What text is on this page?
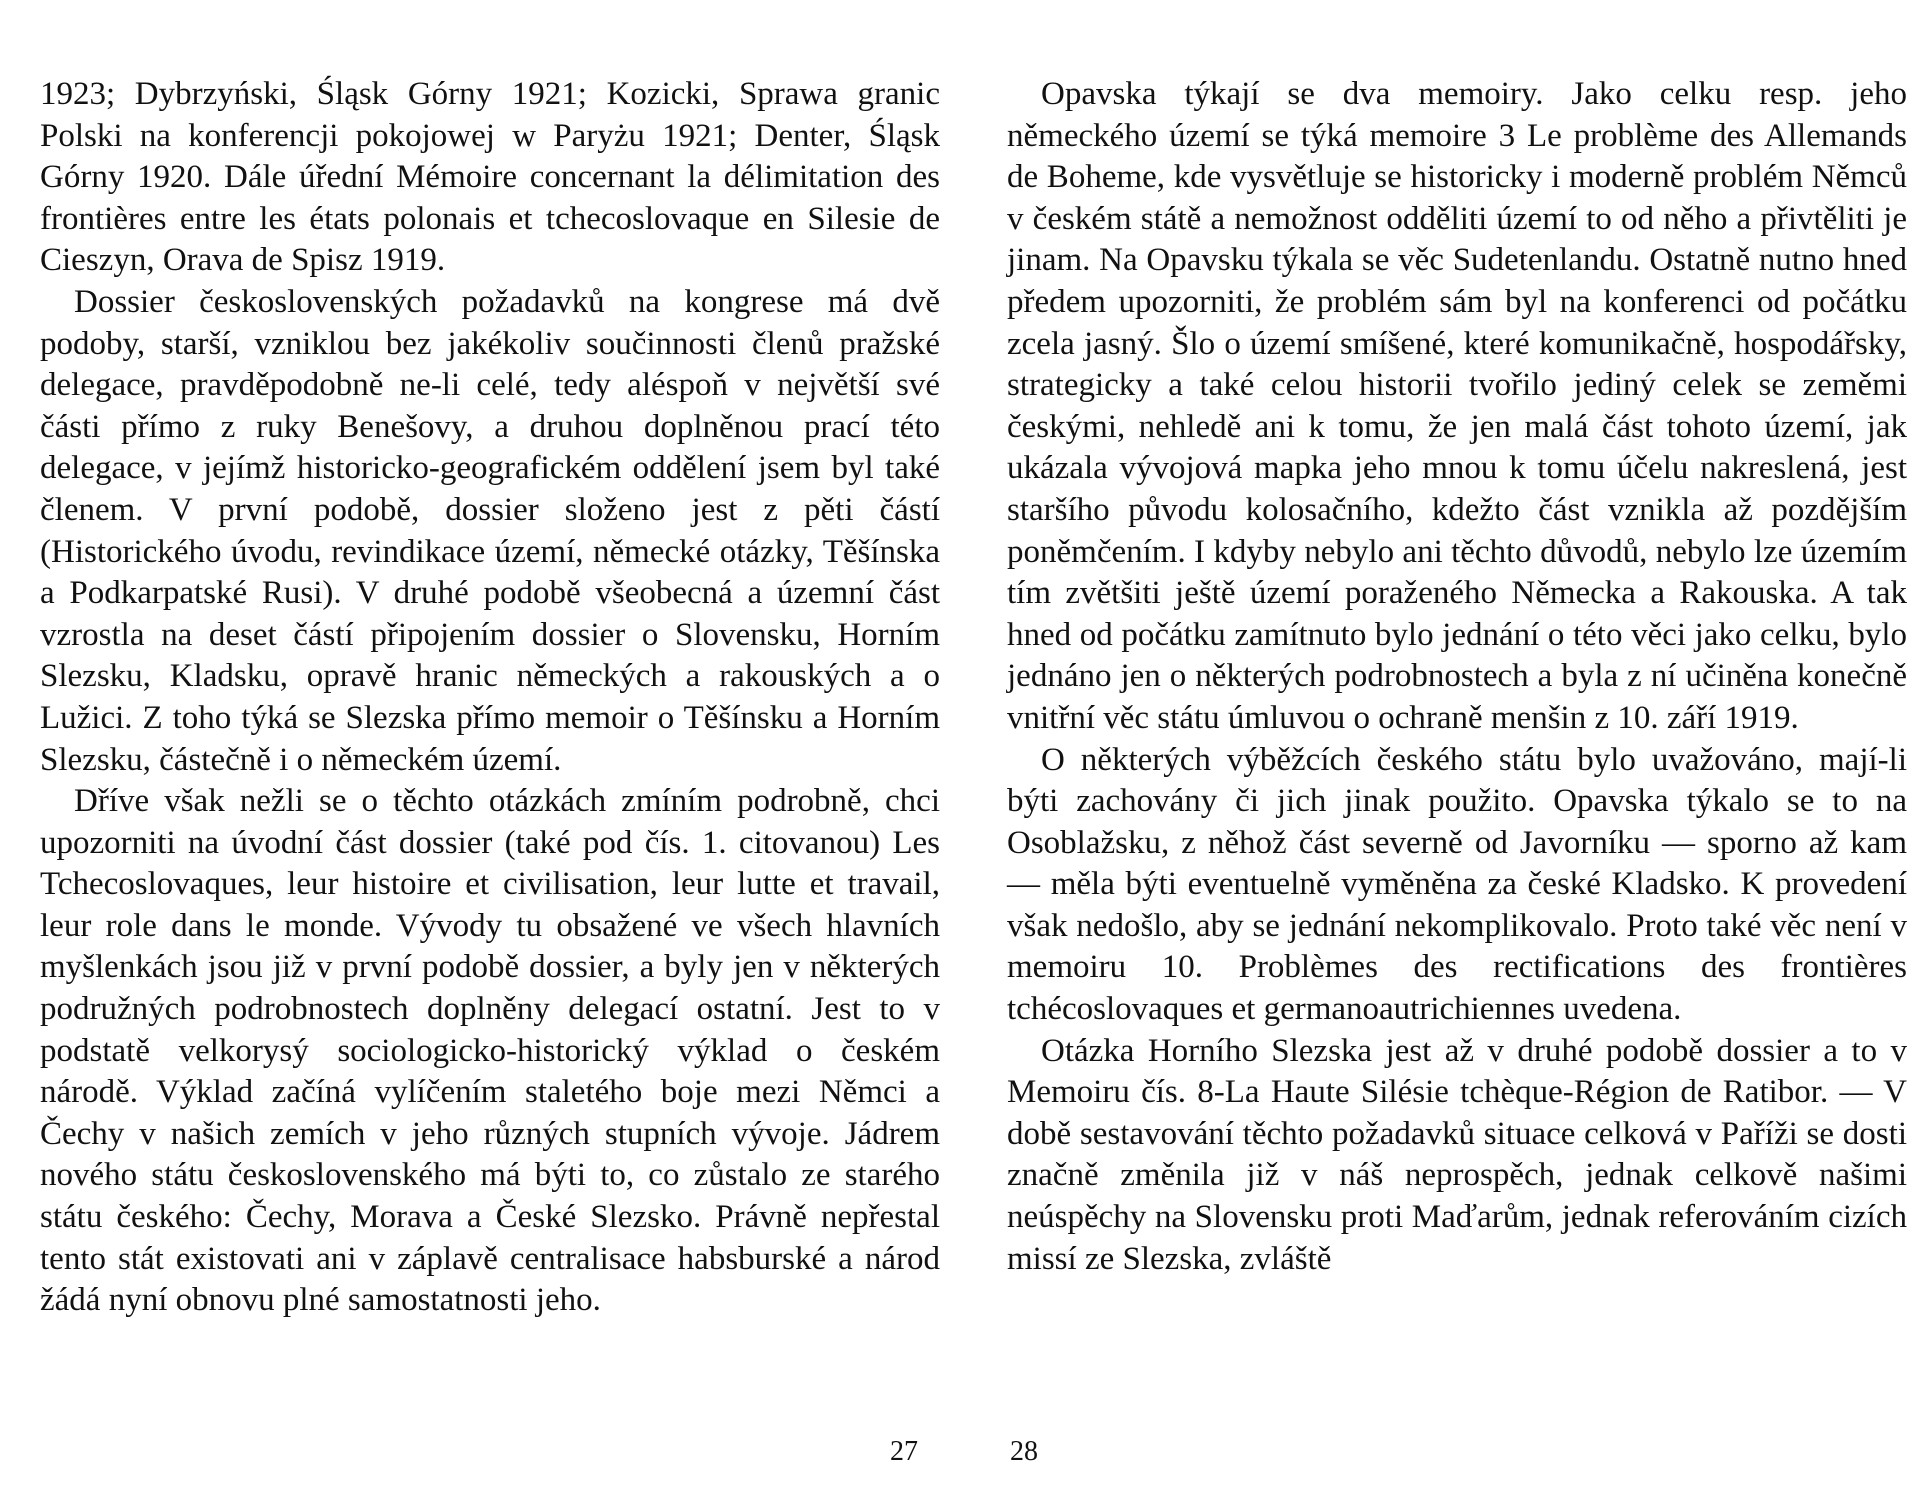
1923; Dybrzyński, Śląsk Górny 1921; Kozicki, Sprawa granic Polski na konferencji pokojowej w Paryżu 1921; Denter, Śląsk Górny 1920. Dále úřední Mémoire concernant la délimitation des frontières entre les états polonais et tchecoslovaque en Silesie de Cieszyn, Orava de Spisz 1919.

Dossier československých požadavků na kongrese má dvě podoby, starší, vzniklou bez jakékoliv součinnosti členů pražské delegace, pravděpodobně ne-li celé, tedy aléspoň v největší své části přímo z ruky Benešovy, a druhou doplněnou prací této delegace, v jejímž historicko-geografickém oddělení jsem byl také členem. V první podobě, dossier složeno jest z pěti částí (Historického úvodu, revindikace území, německé otázky, Těšínska a Podkarpatské Rusi). V druhé podobě všeobecná a územní část vzrostla na deset částí připojením dossier o Slovensku, Horním Slezsku, Kladsku, opravě hranic německých a rakouských a o Lužici. Z toho týká se Slezska přímo memoir o Těšínsku a Horním Slezsku, částečně i o německém území.

Dříve však nežli se o těchto otázkách zmíním podrobně, chci upozorniti na úvodní část dossier (také pod čís. 1. citovanou) Les Tchecoslovaques, leur histoire et civilisation, leur lutte et travail, leur role dans le monde. Vývody tu obsažené ve všech hlavních myšlenkách jsou již v první podobě dossier, a byly jen v některých podružných podrobnostech doplněny delegací ostatní. Jest to v podstatě velkorysý sociologicko-historický výklad o českém národě. Výklad začíná vylíčením staletého boje mezi Němci a Čechy v našich zemích v jeho různých stupních vývoje. Jádrem nového státu československého má býti to, co zůstalo ze starého státu českého: Čechy, Morava a České Slezsko. Právně nepřestal tento stát existovati ani v záplavě centralisace habsburské a národ žádá nyní obnovu plné samostatnosti jeho.

Opavska týkají se dva memoiry. Jako celku resp. jeho německého území se týká memoire 3 Le problème des Allemands de Boheme, kde vysvětluje se historicky i moderně problém Němců v českém státě a nemožnost odděliti území to od něho a přivtěliti je jinam. Na Opavsku týkala se věc Sudetenlandu. Ostatně nutno hned předem upozorniti, že problém sám byl na konferenci od počátku zcela jasný. Šlo o území smíšené, které komunikačně, hospodářsky, strategicky a také celou historii tvořilo jediný celek se zeměmi českými, nehledě ani k tomu, že jen malá část tohoto území, jak ukázala vývojová mapka jeho mnou k tomu účelu nakreslená, jest staršího původu kolosačního, kdežto část vznikla až pozdějším poněmčením. I kdyby nebylo ani těchto důvodů, nebylo lze územím tím zvětšiti ještě území poraženého Německa a Rakouska. A tak hned od počátku zamítnuto bylo jednání o této věci jako celku, bylo jednáno jen o některých podrobnostech a byla z ní učiněna konečně vnitřní věc státu úmluvou o ochraně menšin z 10. září 1919.

O některých výběžcích českého státu bylo uvažováno, mají-li býti zachovány či jich jinak použito. Opavska týkalo se to na Osoblažsku, z něhož část severně od Javorníku — sporno až kam — měla býti eventuelně vyměněna za české Kladsko. K provedení však nedošlo, aby se jednání nekomplikovalo. Proto také věc není v memoiru 10. Problèmes des rectifications des frontières tchécoslovaques et germanoautrichiennes uvedena.

Otázka Horního Slezska jest až v druhé podobě dossier a to v Memoiru čís. 8-La Haute Silésie tchèque-Région de Ratibor. — V době sestavování těchto požadavků situace celková v Paříži se dosti značně změnila již v náš neprospěch, jednak celkově našimi neúspěchy na Slovensku proti Maďarům, jednak referováním cizích missí ze Slezska, zvláště

27	28
